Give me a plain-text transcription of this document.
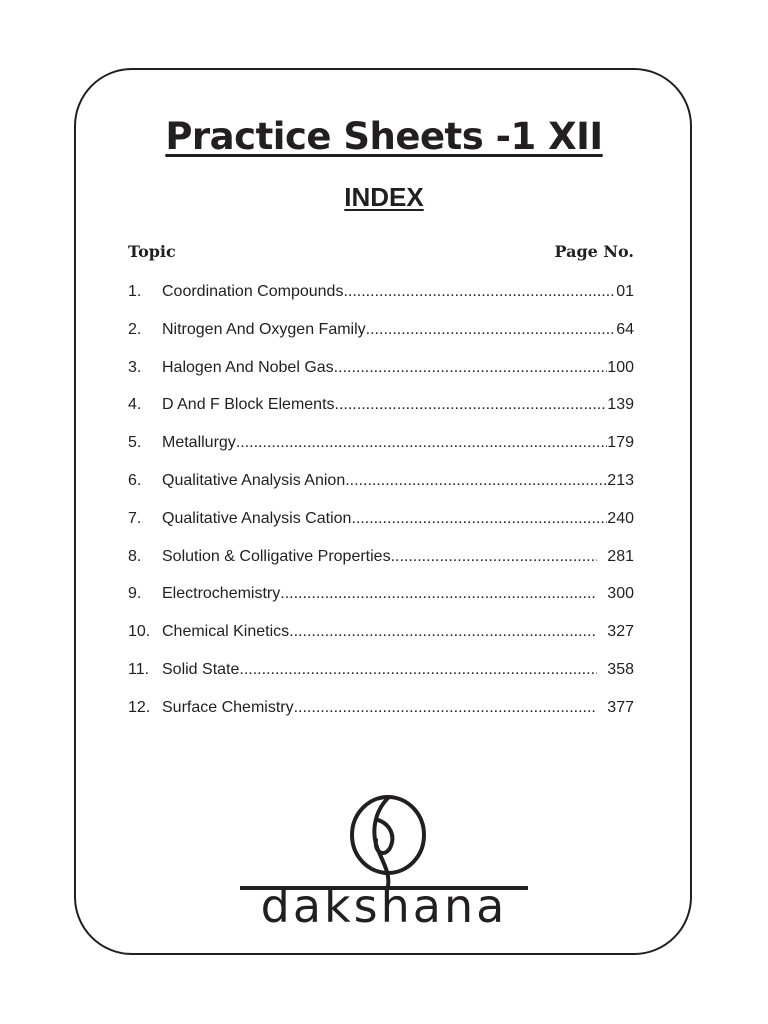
Practice Sheets -1 XII
INDEX
Topic	Page No.
1.	Coordination Compounds .....	01
2.	Nitrogen And Oxygen Family .....	64
3.	Halogen And Nobel Gas .....	100
4.	D And F Block Elements .....	139
5.	Metallurgy .....	179
6.	Qualitative Analysis Anion .....	213
7.	Qualitative Analysis Cation .....	240
8.	Solution & Colligative Properties .....	281
9.	Electrochemistry .....	300
10. Chemical Kinetics .....	327
11. Solid State .....	358
12. Surface Chemistry .....	377
dakshana
